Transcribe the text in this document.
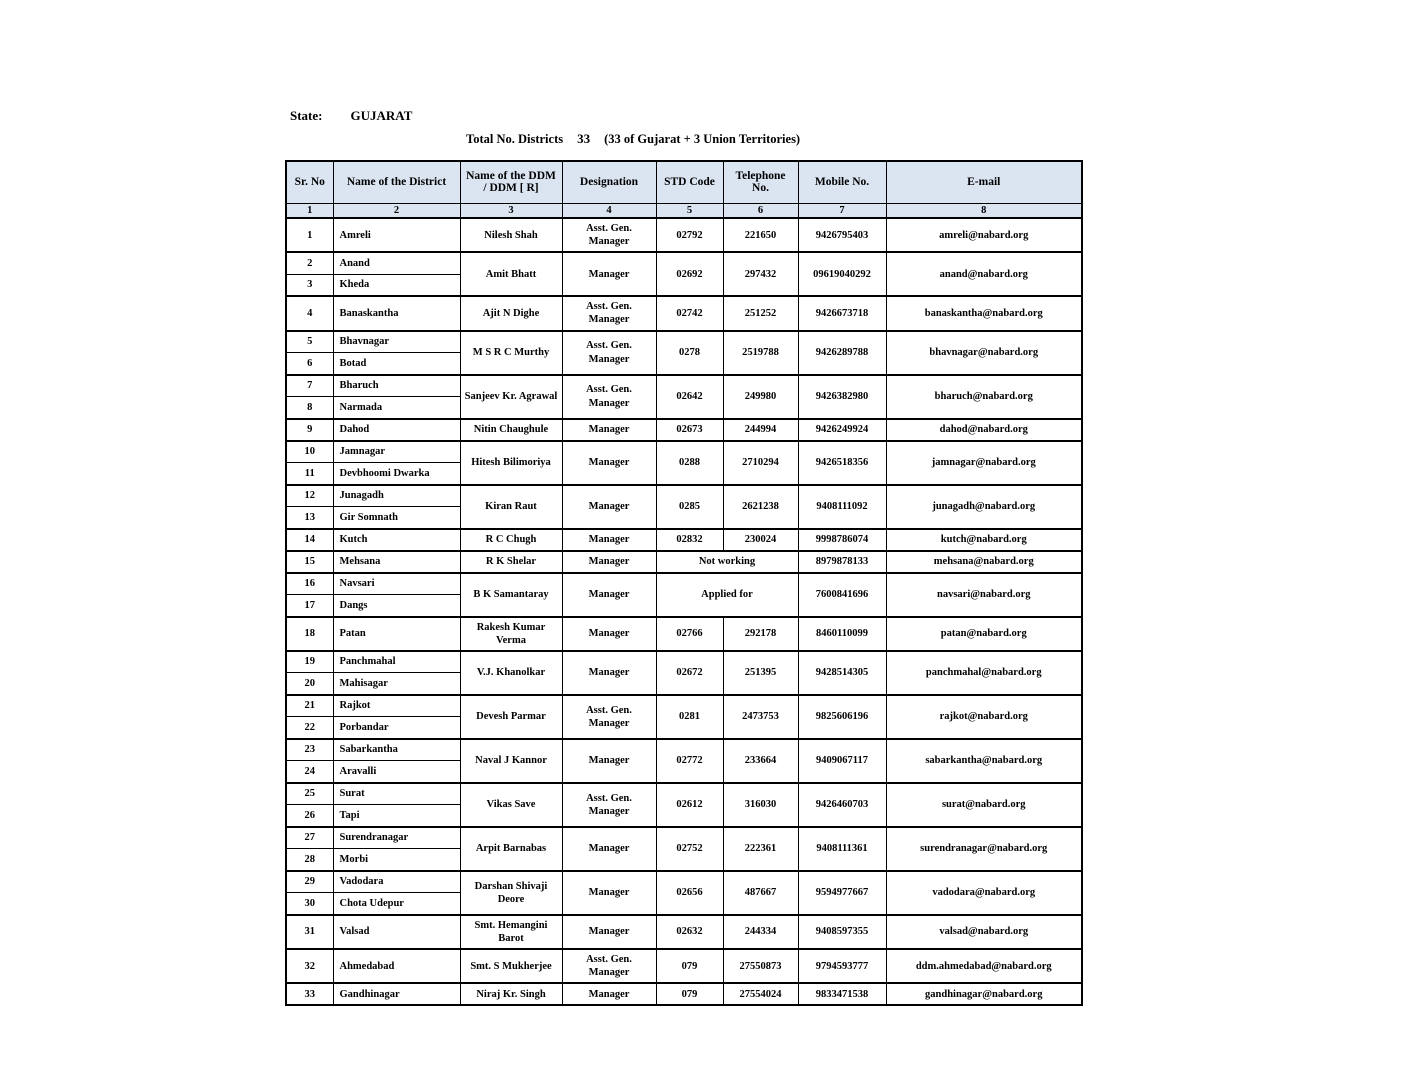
State: GUJARAT
Total No. Districts 33 (33 of Gujarat + 3 Union Territories)
Sr. No	Name of the District	Name of the DDM / DDM [ R]	Designation	STD Code	Telephone No.	Mobile No.	E-mail
1	2	3	4	5	6	7	8
1	Amreli	Nilesh Shah	Asst. Gen. Manager	02792	221650	9426795403	amreli@nabard.org
2	Anand	Amit Bhatt	Manager	02692	297432	09619040292	anand@nabard.org
3	Kheda						
4	Banaskantha	Ajit N Dighe	Asst. Gen. Manager	02742	251252	9426673718	banaskantha@nabard.org
5	Bhavnagar	M S R C Murthy	Asst. Gen. Manager	0278	2519788	9426289788	bhavnagar@nabard.org
6	Botad						
7	Bharuch	Sanjeev Kr. Agrawal	Asst. Gen. Manager	02642	249980	9426382980	bharuch@nabard.org
8	Narmada						
9	Dahod	Nitin Chaughule	Manager	02673	244994	9426249924	dahod@nabard.org
10	Jamnagar	Hitesh Bilimoriya	Manager	0288	2710294	9426518356	jamnagar@nabard.org
11	Devbhoomi Dwarka						
12	Junagadh	Kiran Raut	Manager	0285	2621238	9408111092	junagadh@nabard.org
13	Gir Somnath						
14	Kutch	R C Chugh	Manager	02832	230024	9998786074	kutch@nabard.org
15	Mehsana	R K Shelar	Manager	Not working		8979878133	mehsana@nabard.org
16	Navsari	B K Samantaray	Manager	Applied for		7600841696	navsari@nabard.org
17	Dangs						
18	Patan	Rakesh Kumar Verma	Manager	02766	292178	8460110099	patan@nabard.org
19	Panchmahal	V.J. Khanolkar	Manager	02672	251395	9428514305	panchmahal@nabard.org
20	Mahisagar						
21	Rajkot	Devesh Parmar	Asst. Gen. Manager	0281	2473753	9825606196	rajkot@nabard.org
22	Porbandar						
23	Sabarkantha	Naval J Kannor	Manager	02772	233664	9409067117	sabarkantha@nabard.org
24	Aravalli						
25	Surat	Vikas Save	Asst. Gen. Manager	02612	316030	9426460703	surat@nabard.org
26	Tapi						
27	Surendranagar	Arpit Barnabas	Manager	02752	222361	9408111361	surendranagar@nabard.org
28	Morbi						
29	Vadodara	Darshan Shivaji Deore	Manager	02656	487667	9594977667	vadodara@nabard.org
30	Chota Udepur						
31	Valsad	Smt. Hemangini Barot	Manager	02632	244334	9408597355	valsad@nabard.org
32	Ahmedabad	Smt. S Mukherjee	Asst. Gen. Manager	079	27550873	9794593777	ddm.ahmedabad@nabard.org
33	Gandhinagar	Niraj Kr. Singh	Manager	079	27554024	9833471538	gandhinagar@nabard.org
